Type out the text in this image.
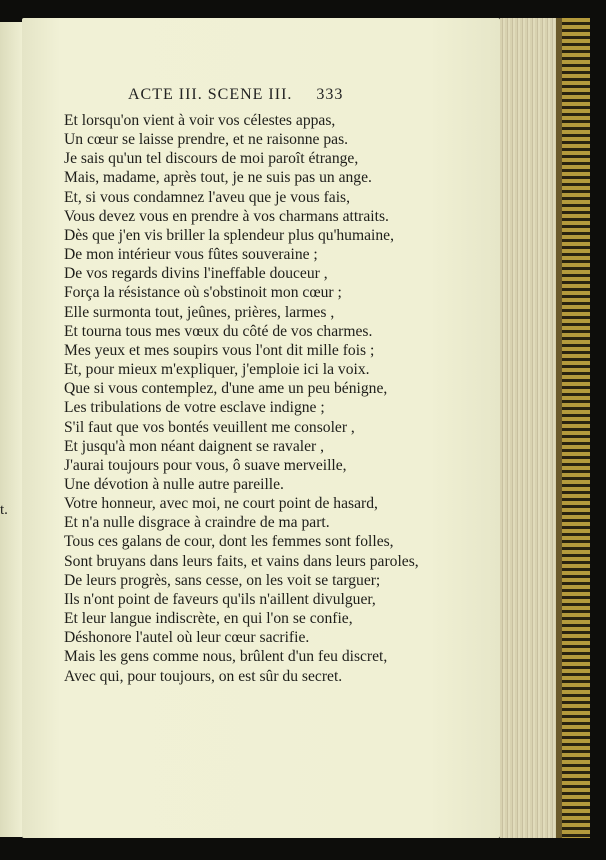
t.
ACTE III. SCENE III. 333
Et lorsqu'on vient à voir vos célestes appas,
Un cœur se laisse prendre, et ne raisonne pas.
Je sais qu'un tel discours de moi paroît étrange,
Mais, madame, après tout, je ne suis pas un ange.
Et, si vous condamnez l'aveu que je vous fais,
Vous devez vous en prendre à vos charmans attraits.
Dès que j'en vis briller la splendeur plus qu'humaine,
De mon intérieur vous fûtes souveraine ;
De vos regards divins l'ineffable douceur ,
Força la résistance où s'obstinoit mon cœur ;
Elle surmonta tout, jeûnes, prières, larmes ,
Et tourna tous mes vœux du côté de vos charmes.
Mes yeux et mes soupirs vous l'ont dit mille fois ;
Et, pour mieux m'expliquer, j'emploie ici la voix.
Que si vous contemplez, d'une ame un peu bénigne,
Les tribulations de votre esclave indigne ;
S'il faut que vos bontés veuillent me consoler ,
Et jusqu'à mon néant daignent se ravaler ,
J'aurai toujours pour vous, ô suave merveille,
Une dévotion à nulle autre pareille.
Votre honneur, avec moi, ne court point de hasard,
Et n'a nulle disgrace à craindre de ma part.
Tous ces galans de cour, dont les femmes sont folles,
Sont bruyans dans leurs faits, et vains dans leurs paroles,
De leurs progrès, sans cesse, on les voit se targuer;
Ils n'ont point de faveurs qu'ils n'aillent divulguer,
Et leur langue indiscrète, en qui l'on se confie,
Déshonore l'autel où leur cœur sacrifie.
Mais les gens comme nous, brûlent d'un feu discret,
Avec qui, pour toujours, on est sûr du secret.
